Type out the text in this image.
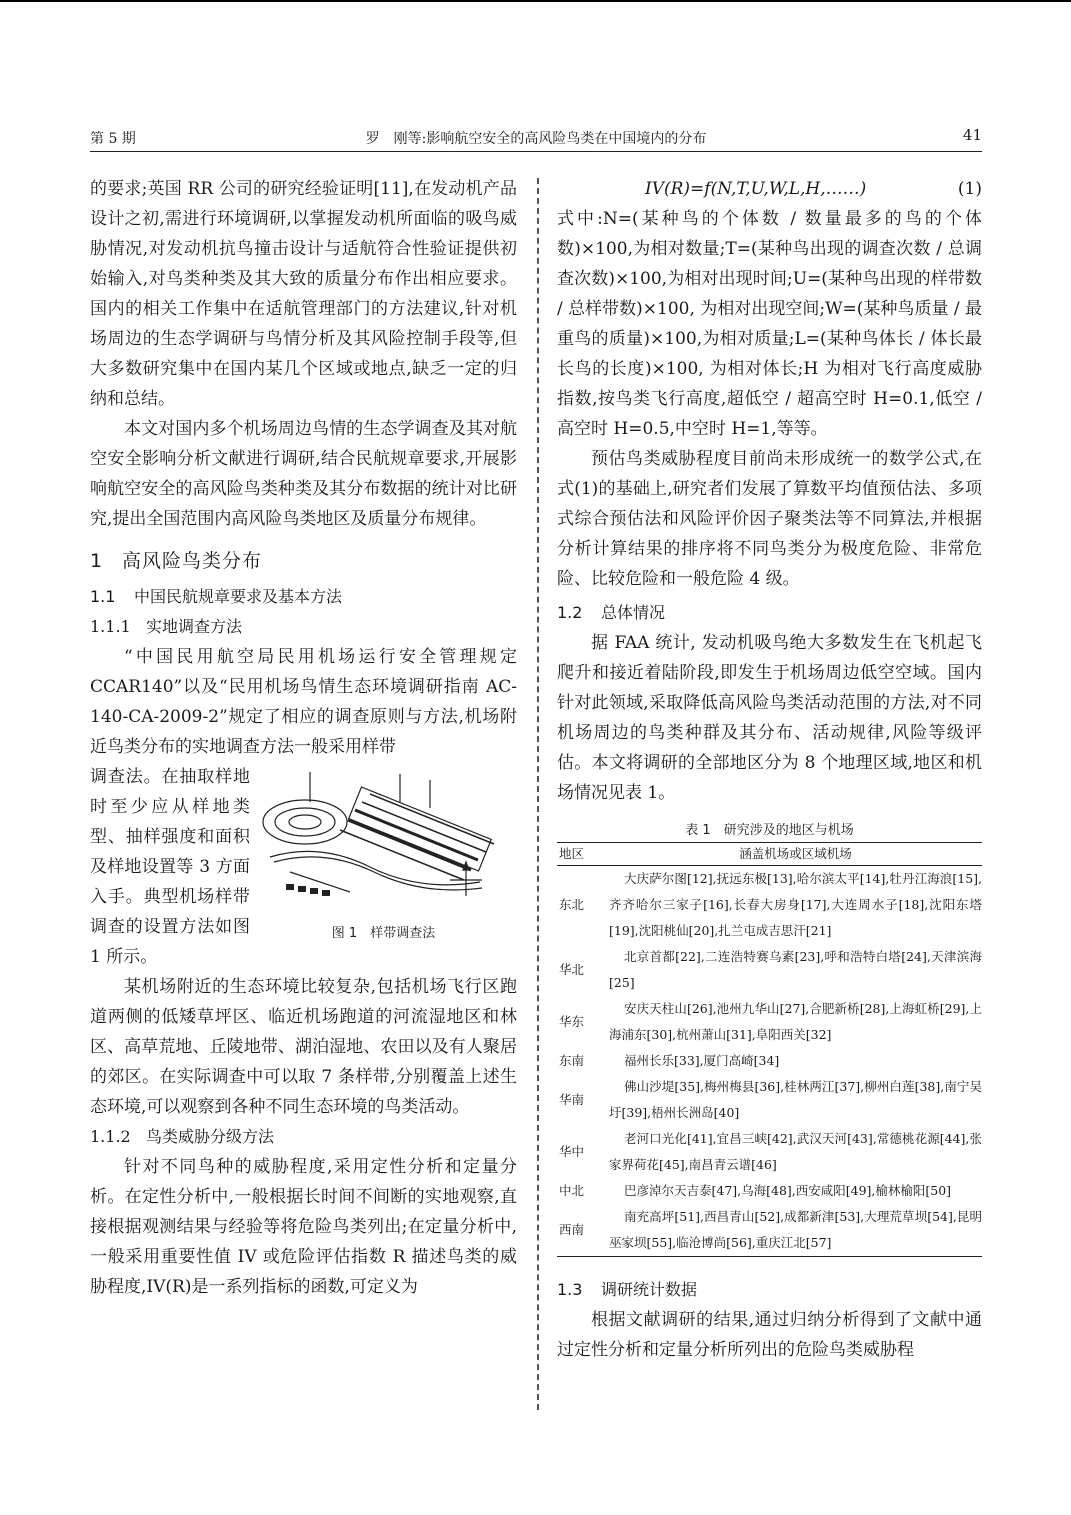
第 5 期	罗　刚等:影响航空安全的高风险鸟类在中国境内的分布	41

的要求;英国 RR 公司的研究经验证明[11],在发动机产品设计之初,需进行环境调研,以掌握发动机所面临的吸鸟威胁情况,对发动机抗鸟撞击设计与适航符合性验证提供初始输入,对鸟类种类及其大致的质量分布作出相应要求。国内的相关工作集中在适航管理部门的方法建议,针对机场周边的生态学调研与鸟情分析及其风险控制手段等,但大多数研究集中在国内某几个区域或地点,缺乏一定的归纳和总结。

本文对国内多个机场周边鸟情的生态学调查及其对航空安全影响分析文献进行调研,结合民航规章要求,开展影响航空安全的高风险鸟类种类及其分布数据的统计对比研究,提出全国范围内高风险鸟类地区及质量分布规律。

1 高风险鸟类分布
1.1 中国民航规章要求及基本方法
1.1.1 实地调查方法

“中国民用航空局民用机场运行安全管理规定 CCAR140”以及“民用机场鸟情生态环境调研指南 AC-140-CA-2009-2”规定了相应的调查原则与方法,机场附近鸟类分布的实地调查方法一般采用样带

调查法。在抽取样地时至少应从样地类型、抽样强度和面积及样地设置等 3 方面入手。典型机场样带调查的设置方法如图 1 所示。

图 1　 样带调查法

某机场附近的生态环境比较复杂,包括机场飞行区跑道两侧的低矮草坪区、临近机场跑道的河流湿地区和林区、高草荒地、丘陵地带、湖泊湿地、农田以及有人聚居的郊区。在实际调查中可以取 7 条样带,分别覆盖上述生态环境,可以观察到各种不同生态环境的鸟类活动。

1.1.2 鸟类威胁分级方法

针对不同鸟种的威胁程度,采用定性分析和定量分析。在定性分析中,一般根据长时间不间断的实地观察,直接根据观测结果与经验等将危险鸟类列出;在定量分析中,一般采用重要性值 IV 或危险评估指数 R 描述鸟类的威胁程度,IV(R)是一系列指标的函数,可定义为

IV(R)=f(N,T,U,W,L,H,……)	(1)

式中:N=(某种鸟的个体数 / 数量最多的鸟的个体数)×100,为相对数量;T=(某种鸟出现的调查次数 / 总调查次数)×100,为相对出现时间;U=(某种鸟出现的样带数 / 总样带数)×100, 为相对出现空间;W=(某种鸟质量 / 最重鸟的质量)×100,为相对质量;L=(某种鸟体长 / 体长最长鸟的长度)×100, 为相对体长;H 为相对飞行高度威胁指数,按鸟类飞行高度,超低空 / 超高空时 H=0.1,低空 / 高空时 H=0.5,中空时 H=1,等等。

预估鸟类威胁程度目前尚未形成统一的数学公式,在式(1)的基础上,研究者们发展了算数平均值预估法、多项式综合预估法和风险评价因子聚类法等不同算法,并根据分析计算结果的排序将不同鸟类分为极度危险、非常危险、比较危险和一般危险 4 级。

1.2 总体情况

据 FAA 统计, 发动机吸鸟绝大多数发生在飞机起飞爬升和接近着陆阶段,即发生于机场周边低空空域。国内针对此领域,采取降低高风险鸟类活动范围的方法,对不同机场周边的鸟类种群及其分布、活动规律,风险等级评估。本文将调研的全部地区分为 8 个地理区域,地区和机场情况见表 1。

表 1　 研究涉及的地区与机场
地区	涵盖机场或区域机场
东北	大庆萨尔图[12],抚远东极[13],哈尔滨太平[14],牡丹江海浪[15],齐齐哈尔三家子[16],长春大房身[17],大连周水子[18],沈阳东塔[19],沈阳桃仙[20],扎兰屯成吉思汗[21]

华北	北京首都[22],二连浩特赛乌素[23],呼和浩特白塔[24],天津滨海[25]

华东	安庆天柱山[26],池州九华山[27],合肥新桥[28],上海虹桥[29],上海浦东[30],杭州萧山[31],阜阳西关[32]

东南	福州长乐[33],厦门高崎[34]

华南	佛山沙堤[35],梅州梅县[36],桂林两江[37],柳州白莲[38],南宁吴圩[39],梧州长洲岛[40]

华中	老河口光化[41],宜昌三峡[42],武汉天河[43],常德桃花源[44],张家界荷花[45],南昌青云谱[46]

中北	巴彦淖尔天吉泰[47],乌海[48],西安咸阳[49],榆林榆阳[50]

西南	南充高坪[51],西昌青山[52],成都新津[53],大理荒草坝[54],昆明巫家坝[55],临沧博尚[56],重庆江北[57]
1.3 调研统计数据

根据文献调研的结果,通过归纳分析得到了文献中通过定性分析和定量分析所列出的危险鸟类威胁程
